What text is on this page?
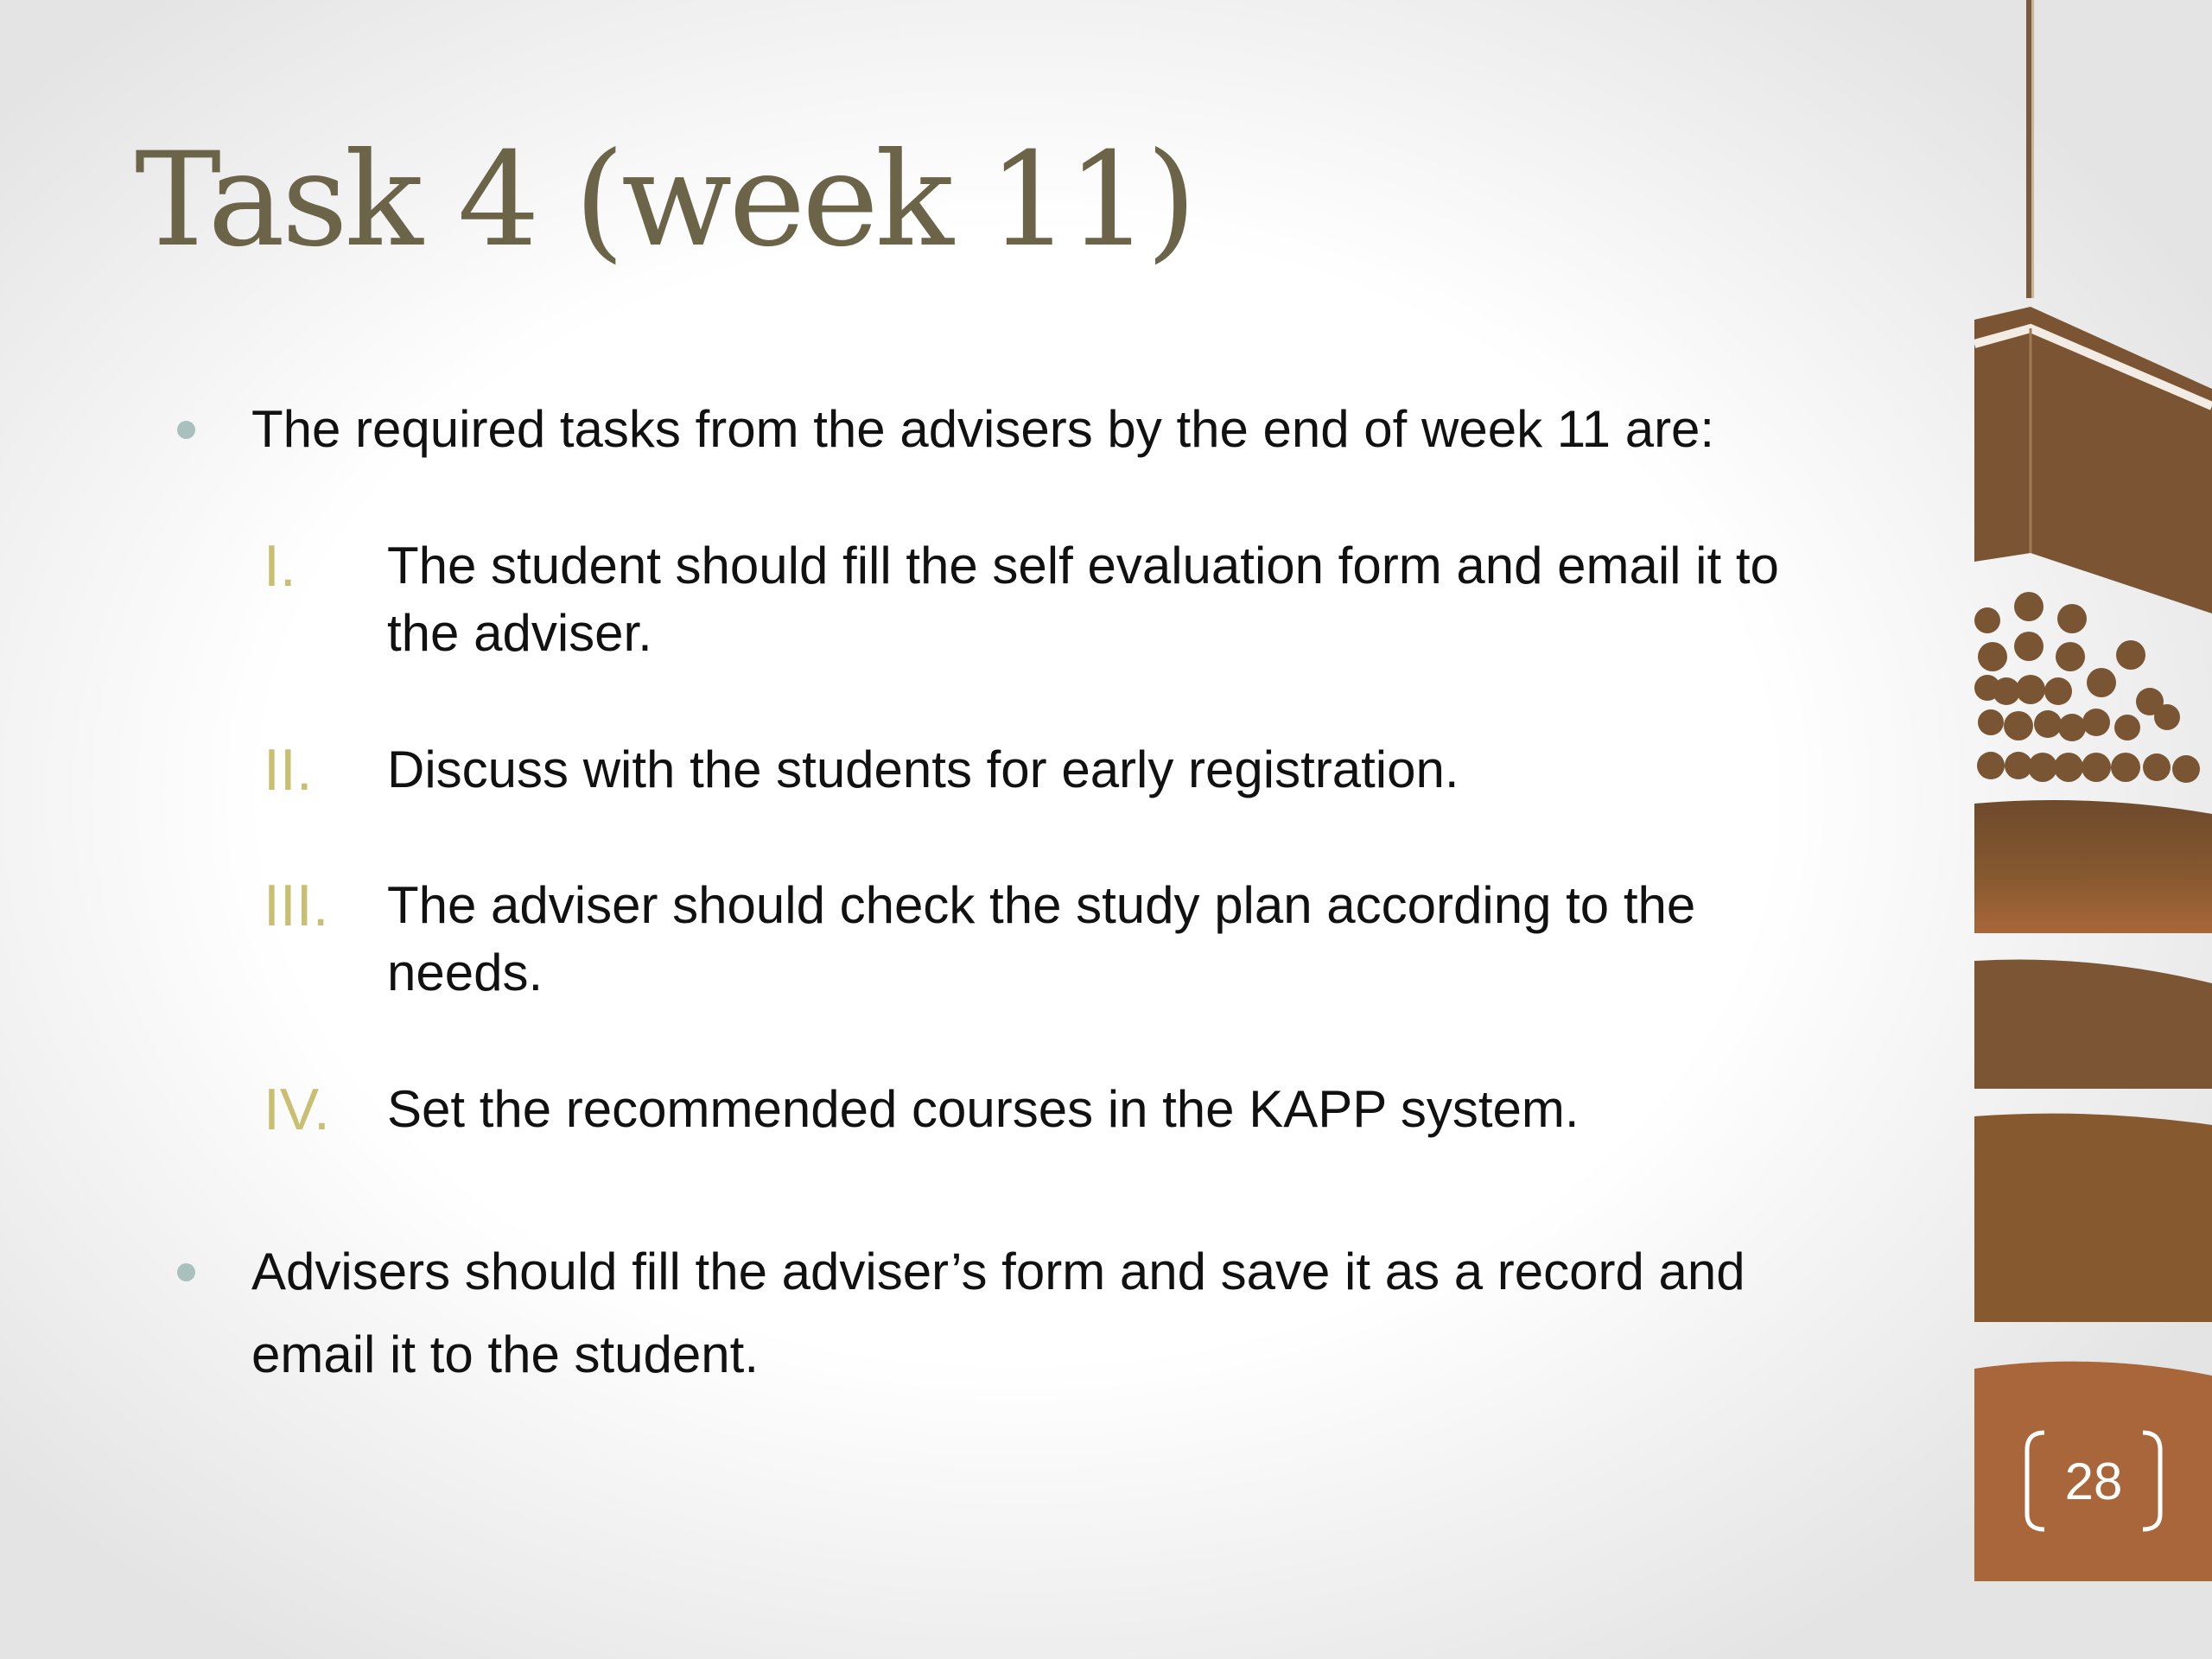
Task 4 (week 11)

The required tasks from the advisers by the end of week 11 are:

I. The student should fill the self evaluation form and email it to
the adviser.

II. Discuss with the students for early registration.

III. The adviser should check the study plan according to the
needs.

IV. Set the recommended courses in the KAPP system.

Advisers should fill the adviser’s form and save it as a record and
email it to the student.

28
